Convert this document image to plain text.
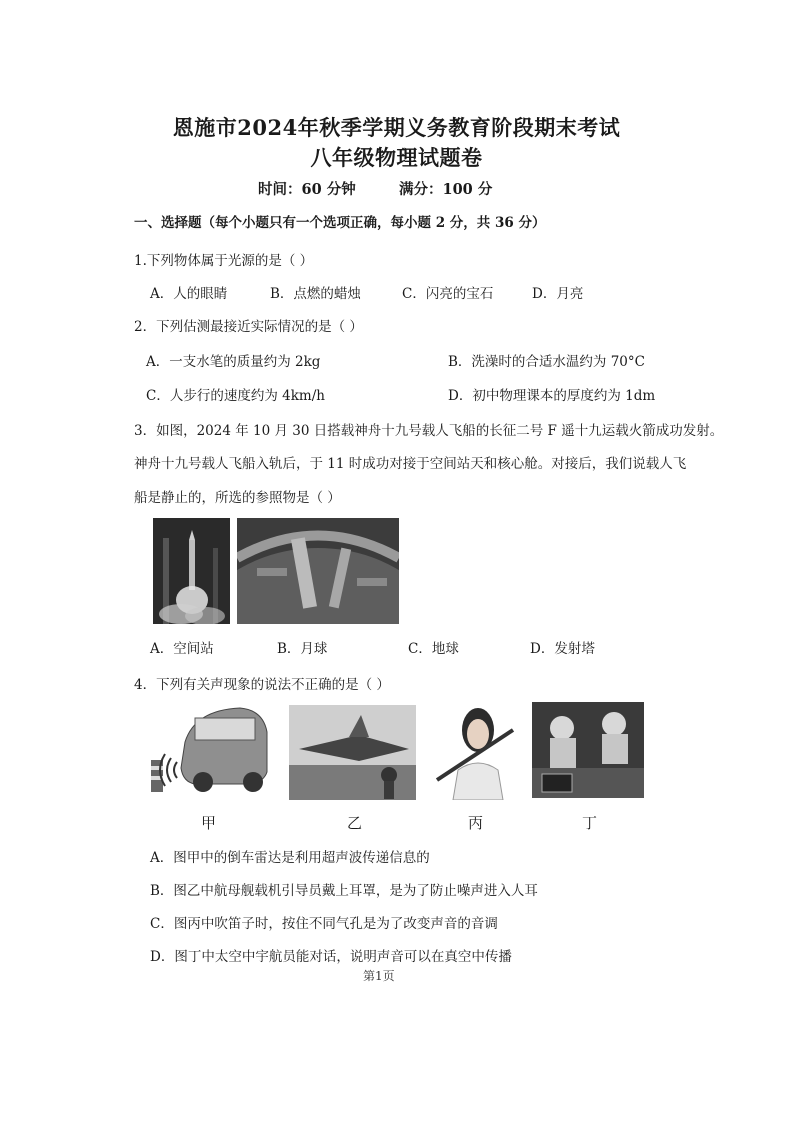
恩施市2024年秋季学期义务教育阶段期末考试
八年级物理试题卷
时间：60 分钟	满分：100 分
一、选择题（每个小题只有一个选项正确，每小题 2 分，共 36 分）
1.下列物体属于光源的是（ ）
A．人的眼睛	B．点燃的蜡烛	C．闪亮的宝石	D．月亮
2．下列估测最接近实际情况的是（ ）
A．一支水笔的质量约为 2kg	B．洗澡时的合适水温约为 70°C
C．人步行的速度约为 4km/h	D．初中物理课本的厚度约为 1dm
3．如图，2024 年 10 月 30 日搭载神舟十九号载人飞船的长征二号 F 遥十九运载火箭成功发射。
神舟十九号载人飞船入轨后，于 11 时成功对接于空间站天和核心舱。对接后，我们说载人飞
船是静止的，所选的参照物是（ ）
A．空间站	B．月球	C．地球	D．发射塔
4．下列有关声现象的说法不正确的是（ ）
甲	乙	丙	丁
A．图甲中的倒车雷达是利用超声波传递信息的
B．图乙中航母舰载机引导员戴上耳罩，是为了防止噪声进入人耳
C．图丙中吹笛子时，按住不同气孔是为了改变声音的音调
D．图丁中太空中宇航员能对话，说明声音可以在真空中传播
第1页
